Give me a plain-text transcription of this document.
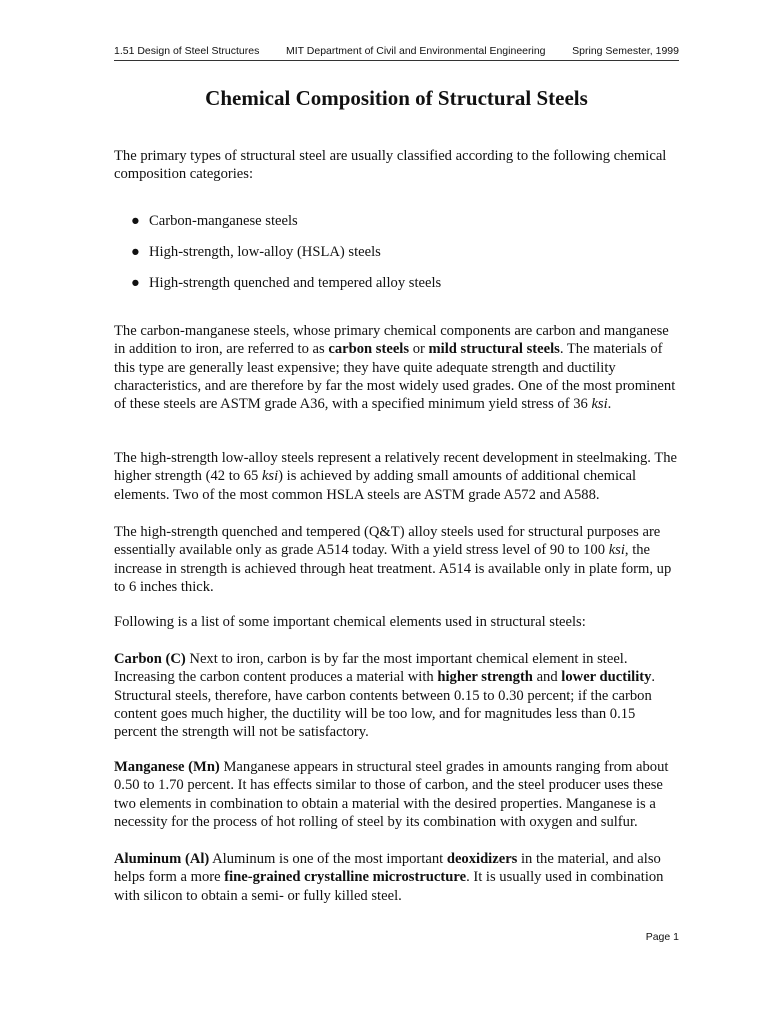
1.51 Design of Steel Structures	MIT Department of Civil and Environmental Engineering	Spring Semester, 1999
Chemical Composition of Structural Steels

The primary types of structural steel are usually classified according to the following chemical composition categories:

● Carbon-manganese steels
● High-strength, low-alloy (HSLA) steels
● High-strength quenched and tempered alloy steels

The carbon-manganese steels, whose primary chemical components are carbon and manganese in addition to iron, are referred to as carbon steels or mild structural steels. The materials of this type are generally least expensive; they have quite adequate strength and ductility characteristics, and are therefore by far the most widely used grades. One of the most prominent of these steels are ASTM grade A36, with a specified minimum yield stress of 36 ksi.

The high-strength low-alloy steels represent a relatively recent development in steelmaking. The higher strength (42 to 65 ksi) is achieved by adding small amounts of additional chemical elements. Two of the most common HSLA steels are ASTM grade A572 and A588.

The high-strength quenched and tempered (Q&T) alloy steels used for structural purposes are essentially available only as grade A514 today. With a yield stress level of 90 to 100 ksi, the increase in strength is achieved through heat treatment. A514 is available only in plate form, up to 6 inches thick.

Following is a list of some important chemical elements used in structural steels:

Carbon (C) Next to iron, carbon is by far the most important chemical element in steel. Increasing the carbon content produces a material with higher strength and lower ductility. Structural steels, therefore, have carbon contents between 0.15 to 0.30 percent; if the carbon content goes much higher, the ductility will be too low, and for magnitudes less than 0.15 percent the strength will not be satisfactory.

Manganese (Mn) Manganese appears in structural steel grades in amounts ranging from about 0.50 to 1.70 percent. It has effects similar to those of carbon, and the steel producer uses these two elements in combination to obtain a material with the desired properties. Manganese is a necessity for the process of hot rolling of steel by its combination with oxygen and sulfur.

Aluminum (Al) Aluminum is one of the most important deoxidizers in the material, and also helps form a more fine-grained crystalline microstructure. It is usually used in combination with silicon to obtain a semi- or fully killed steel.

Page 1
